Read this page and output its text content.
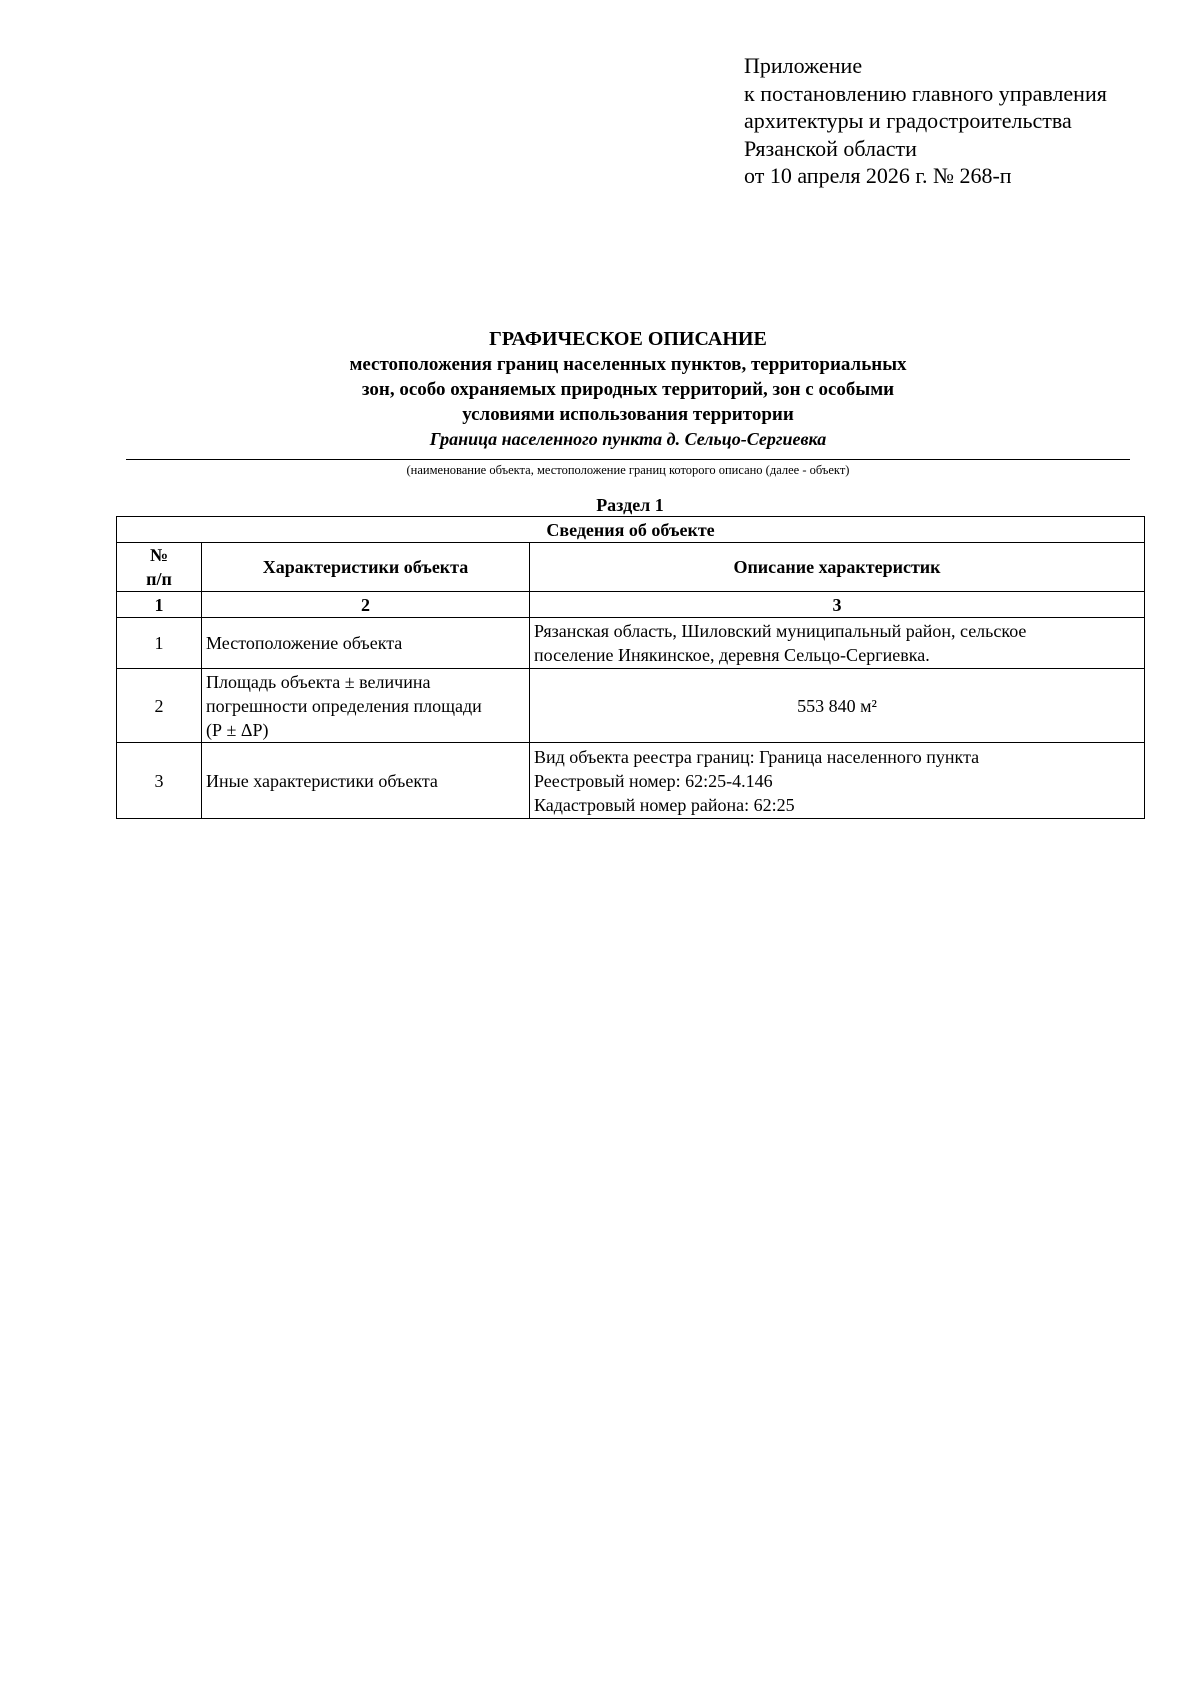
Приложение
к постановлению главного управления
архитектуры и градостроительства
Рязанской области
от 10 апреля 2026 г. № 268-п
ГРАФИЧЕСКОЕ ОПИСАНИЕ
местоположения границ населенных пунктов, территориальных
зон, особо охраняемых природных территорий, зон с особыми
условиями использования территории
Граница населенного пункта д. Сельцо-Сергиевка
(наименование объекта, местоположение границ которого описано (далее - объект)
Раздел 1
Сведения об объекте		

№
п/п	Характеристики объекта	Описание характеристик
1	2	3
1	Местоположение объекта	Рязанская область, Шиловский муниципальный район, сельское
поселение Инякинское, деревня Сельцо-Сергиевка.

2	Площадь объекта ± величина
погрешности определения площади
(Р ± ΔР)	553 840 м²

3	Иные характеристики объекта	Вид объекта реестра границ: Граница населенного пункта
Реестровый номер: 62:25-4.146
Кадастровый номер района: 62:25
